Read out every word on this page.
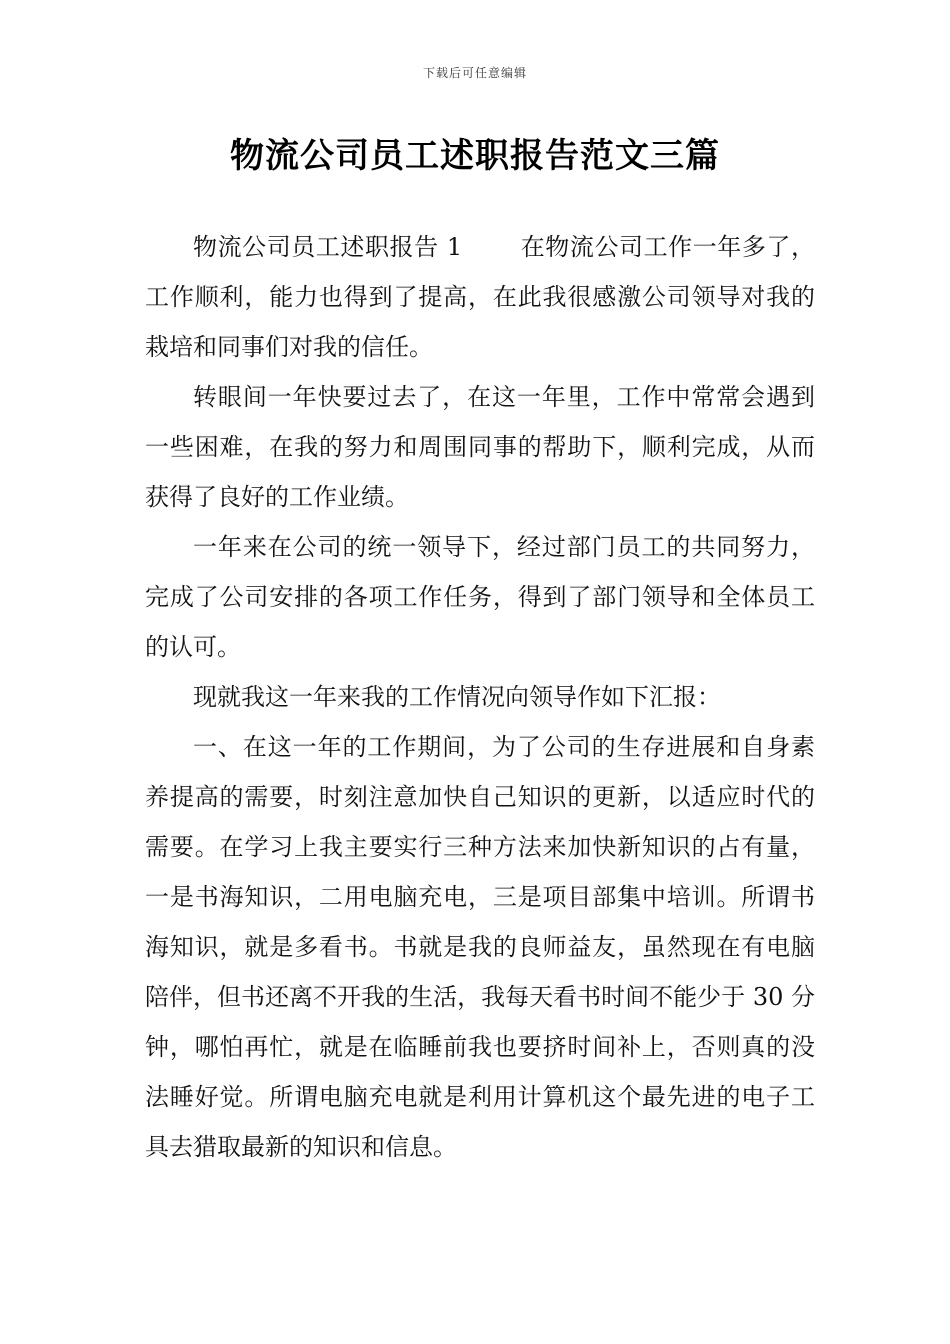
下载后可任意编辑
物流公司员工述职报告范文三篇

物流公司员工述职报告 1 在物流公司工作一年多了，工作顺利，能力也得到了提高，在此我很感激公司领导对我的栽培和同事们对我的信任。

转眼间一年快要过去了，在这一年里，工作中常常会遇到一些困难，在我的努力和周围同事的帮助下，顺利完成，从而获得了良好的工作业绩。

一年来在公司的统一领导下，经过部门员工的共同努力，完成了公司安排的各项工作任务，得到了部门领导和全体员工的认可。

现就我这一年来我的工作情况向领导作如下汇报：

一、在这一年的工作期间，为了公司的生存进展和自身素养提高的需要，时刻注意加快自己知识的更新，以适应时代的需要。在学习上我主要实行三种方法来加快新知识的占有量，一是书海知识，二用电脑充电，三是项目部集中培训。所谓书海知识，就是多看书。书就是我的良师益友，虽然现在有电脑陪伴，但书还离不开我的生活，我每天看书时间不能少于 30 分钟，哪怕再忙，就是在临睡前我也要挤时间补上，否则真的没法睡好觉。所谓电脑充电就是利用计算机这个最先进的电子工具去猎取最新的知识和信息。
